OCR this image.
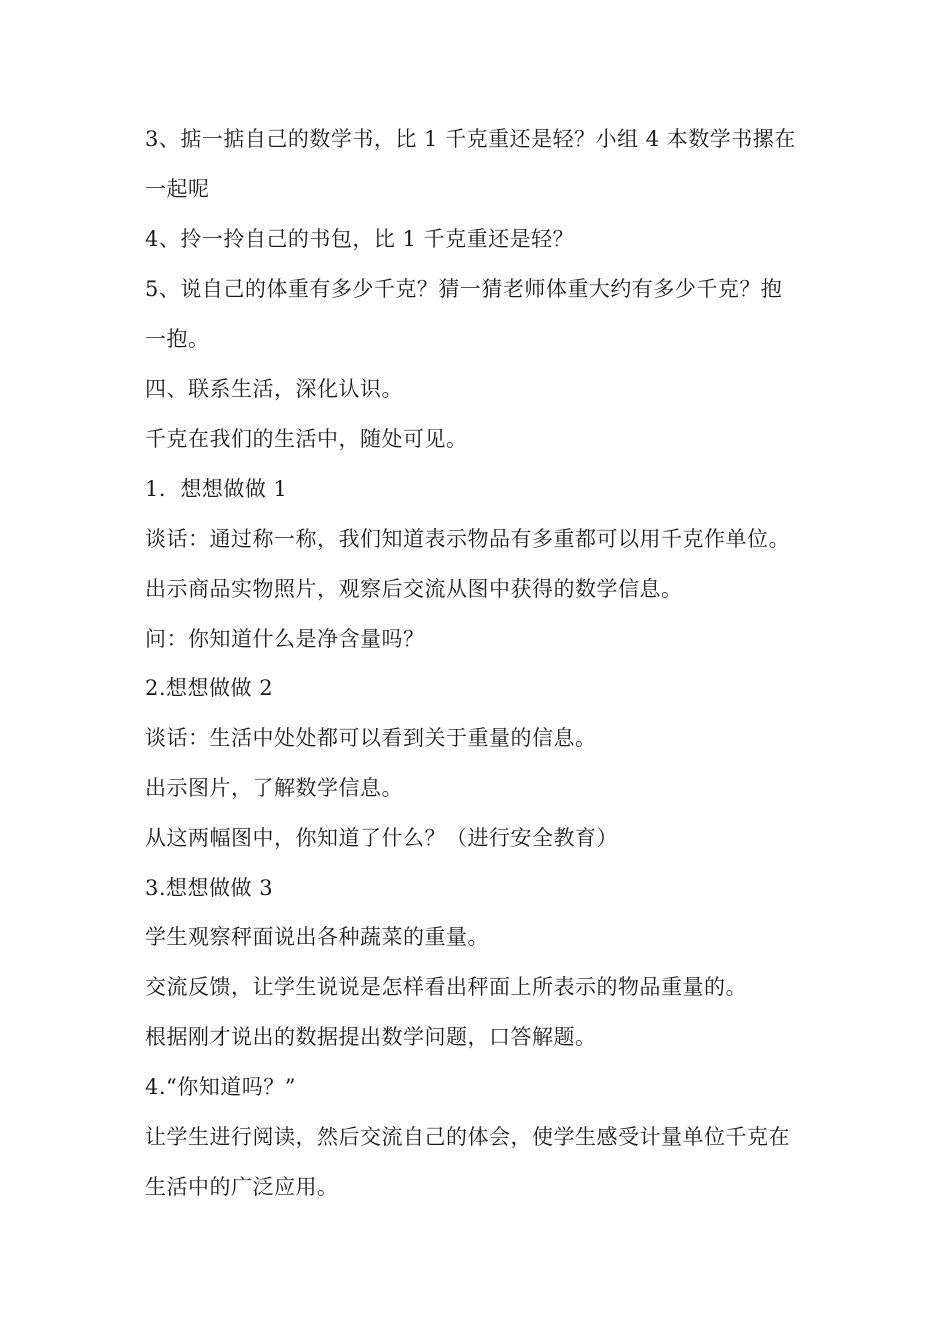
3、掂一掂自己的数学书，比 1 千克重还是轻？小组 4 本数学书摞在
一起呢
4、拎一拎自己的书包，比 1 千克重还是轻？
5、说自己的体重有多少千克？猜一猜老师体重大约有多少千克？抱
一抱。
四、联系生活，深化认识。
千克在我们的生活中，随处可见。
1．想想做做 1
谈话：通过称一称，我们知道表示物品有多重都可以用千克作单位。
出示商品实物照片，观察后交流从图中获得的数学信息。
问：你知道什么是净含量吗？
2.想想做做 2
谈话：生活中处处都可以看到关于重量的信息。
出示图片，了解数学信息。
从这两幅图中，你知道了什么？（进行安全教育）
3.想想做做 3
学生观察秤面说出各种蔬菜的重量。
交流反馈，让学生说说是怎样看出秤面上所表示的物品重量的。
根据刚才说出的数据提出数学问题，口答解题。
4.“你知道吗？”
让学生进行阅读，然后交流自己的体会，使学生感受计量单位千克在
生活中的广泛应用。
